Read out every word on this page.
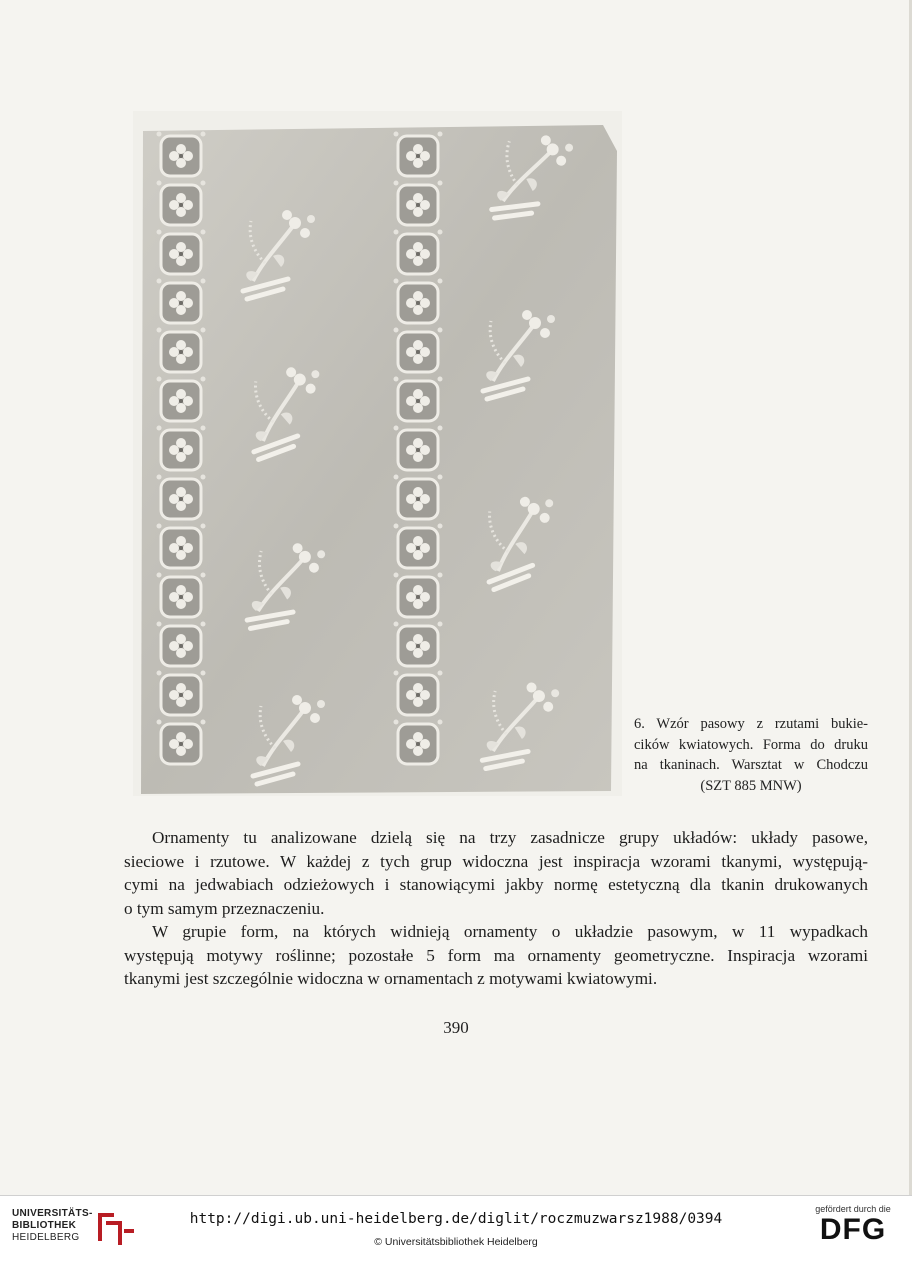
6. Wzór pasowy z rzutami bukie-
cików kwiatowych. Forma do druku
na tkaninach. Warsztat w Chodczu
(SZT 885 MNW)
Ornamenty tu analizowane dzielą się na trzy zasadnicze grupy układów: układy pasowe,
sieciowe i rzutowe. W każdej z tych grup widoczna jest inspiracja wzorami tkanymi, występują-
cymi na jedwabiach odzieżowych i stanowiącymi jakby normę estetyczną dla tkanin drukowanych
o tym samym przeznaczeniu.
W grupie form, na których widnieją ornamenty o układzie pasowym, w 11 wypadkach
występują motywy roślinne; pozostałe 5 form ma ornamenty geometryczne. Inspiracja wzorami
tkanymi jest szczególnie widoczna w ornamentach z motywami kwiatowymi.
390
UNIVERSITÄTS-
BIBLIOTHEK
HEIDELBERG
http://digi.ub.uni-heidelberg.de/diglit/roczmuzwarsz1988/0394
© Universitätsbibliothek Heidelberg
gefördert durch die
DFG
